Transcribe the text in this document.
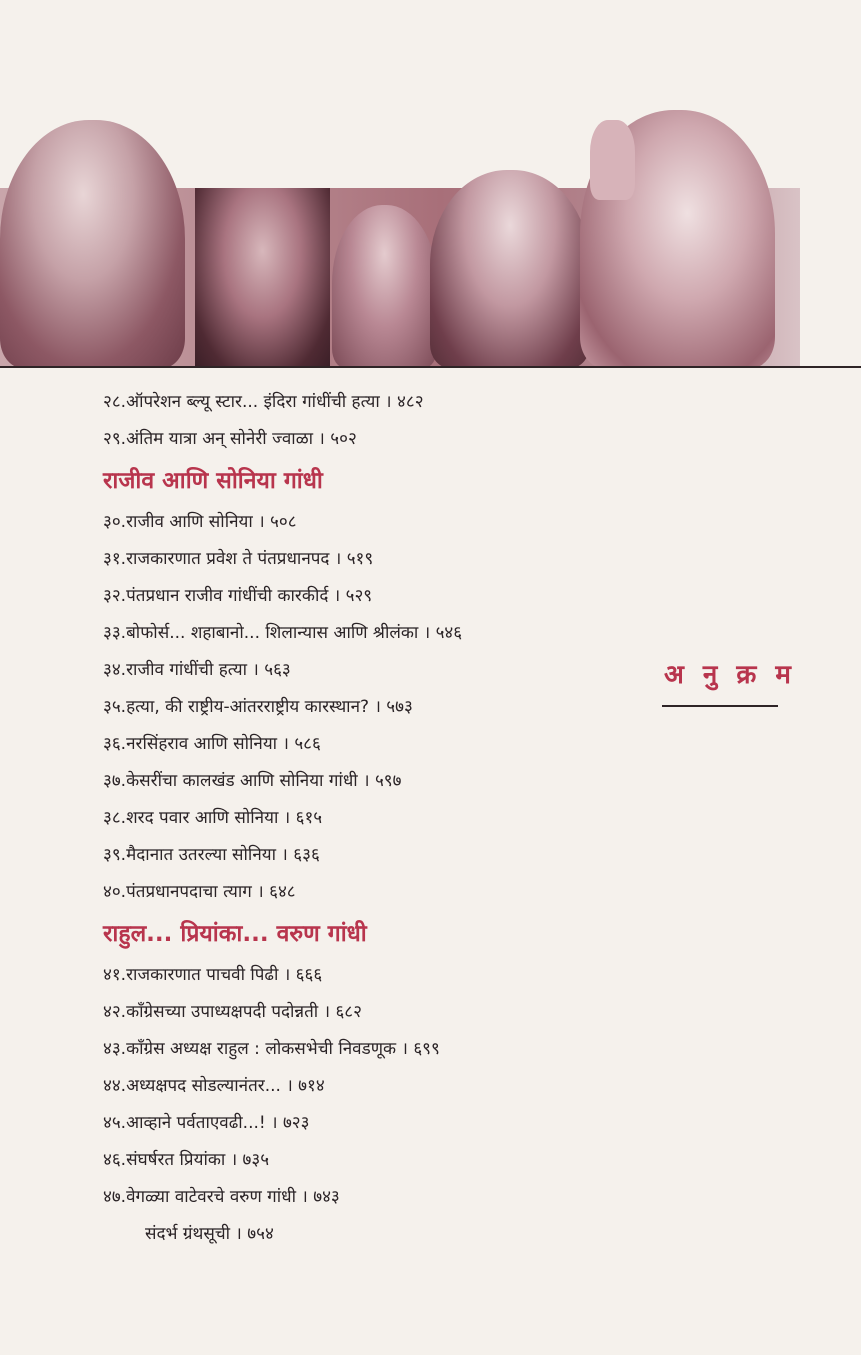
२८.ऑपरेशन ब्ल्यू स्टार... इंदिरा गांधींची हत्या । ४८२
२९.अंतिम यात्रा अन् सोनेरी ज्वाळा । ५०२
राजीव आणि सोनिया गांधी
३०.राजीव आणि सोनिया । ५०८
३१.राजकारणात प्रवेश ते पंतप्रधानपद । ५१९
३२.पंतप्रधान राजीव गांधींची कारकीर्द । ५२९
३३.बोफोर्स... शहाबानो... शिलान्यास आणि श्रीलंका । ५४६
३४.राजीव गांधींची हत्या । ५६३
३५.हत्या, की राष्ट्रीय-आंतरराष्ट्रीय कारस्थान? । ५७३
३६.नरसिंहराव आणि सोनिया । ५८६
३७.केसरींचा कालखंड आणि सोनिया गांधी । ५९७
३८.शरद पवार आणि सोनिया । ६१५
३९.मैदानात उतरल्या सोनिया । ६३६
४०.पंतप्रधानपदाचा त्याग । ६४८
राहुल... प्रियांका... वरुण गांधी
४१.राजकारणात पाचवी पिढी । ६६६
४२.काँग्रेसच्या उपाध्यक्षपदी पदोन्नती । ६८२
४३.काँग्रेस अध्यक्ष राहुल : लोकसभेची निवडणूक । ६९९
४४.अध्यक्षपद सोडल्यानंतर... । ७१४
४५.आव्हाने पर्वताएवढी...! । ७२३
४६.संघर्षरत प्रियांका । ७३५
४७.वेगळ्या वाटेवरचे वरुण गांधी । ७४३
संदर्भ ग्रंथसूची । ७५४
अ नु क्र म
